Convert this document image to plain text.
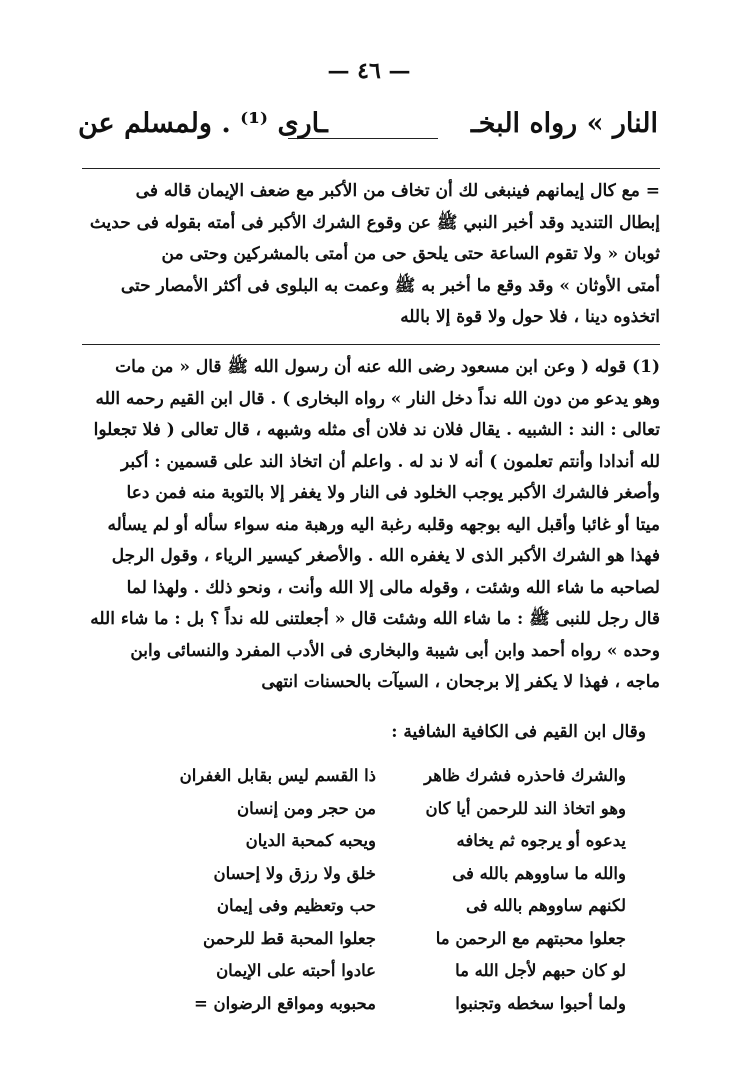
— ٤٦ —
النار » رواه البخـ
ـارى ⁽¹⁾ . ولمسلم عن

= مع كال إيمانهم فينبغى لك أن تخاف من الأكبر مع ضعف الإيمان قاله فى

إبطال التنديد وقد أخبر النبي ﷺ عن وقوع الشرك الأكبر فى أمته بقوله فى حديث

ثوبان « ولا تقوم الساعة حتى يلحق حى من أمتى بالمشركين وحتى من

أمتى الأوثان » وقد وقع ما أخبر به ﷺ وعمت به البلوى فى أكثر الأمصار حتى

اتخذوه دينا ، فلا حول ولا قوة إلا بالله

(1) قوله ( وعن ابن مسعود رضى الله عنه أن رسول الله ﷺ قال « من مات

وهو يدعو من دون الله نداً دخل النار » رواه البخارى ) . قال ابن القيم رحمه الله

تعالى : الند : الشبيه . يقال فلان ند فلان أى مثله وشبهه ، قال تعالى ( فلا تجعلوا

لله أندادا وأنتم تعلمون ) أنه لا ند له . واعلم أن اتخاذ الند على قسمين : أكبر

وأصغر فالشرك الأكبر يوجب الخلود فى النار ولا يغفر إلا بالتوبة منه فمن دعا

ميتا أو غائبا وأقبل اليه بوجهه وقلبه رغبة اليه ورهبة منه سواء سأله أو لم يسأله

فهذا هو الشرك الأكبر الذى لا يغفره الله . والأصغر كيسير الرياء ، وقول الرجل

لصاحبه ما شاء الله وشئت ، وقوله مالى إلا الله وأنت ، ونحو ذلك . ولهذا لما

قال رجل للنبى ﷺ : ما شاء الله وشئت قال « أجعلتنى لله نداً ؟ بل : ما شاء الله

وحده » رواه أحمد وابن أبى شيبة والبخارى فى الأدب المفرد والنسائى وابن

ماجه ، فهذا لا يكفر إلا برجحان ، السيآت بالحسنات انتهى

وقال ابن القيم فى الكافية الشافية :
والشرك فاحذره فشرك ظاهر
ذا القسم ليس بقابل الغفران
وهو اتخاذ الند للرحمن أيا كان
من حجر ومن إنسان
يدعوه أو يرجوه ثم يخافه
ويحبه كمحبة الديان
والله ما ساووهم بالله فى
خلق ولا رزق ولا إحسان
لكنهم ساووهم بالله فى
حب وتعظيم وفى إيمان
جعلوا محبتهم مع الرحمن ما
جعلوا المحبة قط للرحمن
لو كان حبهم لأجل الله ما
عادوا أحبته على الإيمان
ولما أحبوا سخطه وتجنبوا
محبوبه ومواقع الرضوان =
